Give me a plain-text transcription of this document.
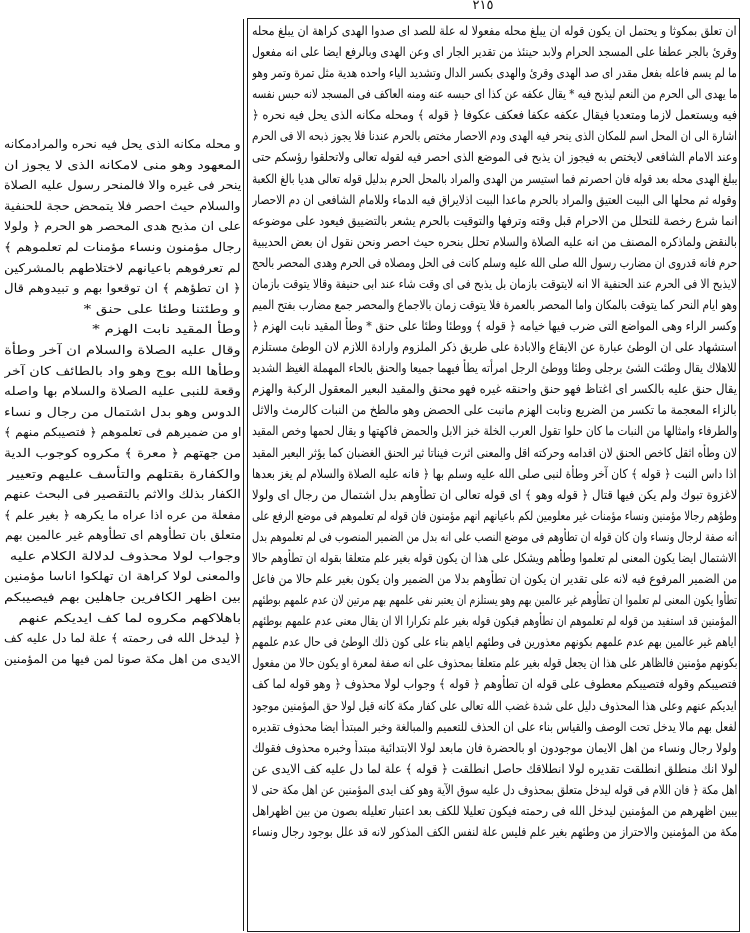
٢١٥
ان تعلق بمكوثا و يحتمل ان يكون قوله ان يبلغ محله مفعولا له علة للصد اى صدوا الهدى كراهة ان يبلغ محله
وقرئ بالجر عطفا على المسجد الحرام ولابد حينئذ من تقدير الجار اى وعن الهدى وبالرفع ايضا على انه مفعول
ما لم يسم فاعله بفعل مقدر اى صد الهدى وقرئ والهدى بكسر الدال وتشديد الياء واحده هدية مثل تمرة وتمر وهو
ما يهدى الى الحرم من النعم ليذبح فيه * يقال عكفه عن كذا اى حبسه عنه ومنه العاكف فى المسجد لانه حبس نفسه
فيه ويستعمل لازما ومتعديا فيقال عكفه عكفا فعكف عكوفا ﴿ قوله ﴾ ومحله مكانه الذى يحل فيه نحره ﴿
اشارة الى ان المحل اسم للمكان الذى ينحر فيه الهدى ودم الاحصار مختص بالحرم عندنا فلا يجوز ذبحه الا فى الحرم
وعند الامام الشافعى لايختص به فيجوز ان يذبح فى الموضع الذى احصر فيه لقوله تعالى ولاتحلقوا رؤسكم حتى
يبلغ الهدى محله بعد قوله فان احصرتم فما استيسر من الهدى والمراد بالمحل الحرم بدليل قوله تعالى هديا بالغ الكعبة
وقوله ثم محلها الى البيت العتيق والمراد بالحرم ماعدا البيت اذلايراق فيه الدماء وللامام الشافعى ان دم الاحصار
انما شرع رخصة للتحلل من الاحرام قبل وقته وترفها والتوقيت بالحرم يشعر بالتضييق فيعود على موضوعه
بالنقض ولماذكره المصنف من انه عليه الصلاة والسلام تحلل بنحره حيث احصر ونحن نقول ان بعض الحديبية
حرم فانه قدروى ان مضارب رسول الله صلى الله عليه وسلم كانت فى الحل ومصلاه فى الحرم وهدى المحصر بالحج
لايذبح الا فى الحرم عند الحنفية الا انه لايتوقت بازمان بل يذبح فى اى وقت شاء عند ابى حنيفة وقالا يتوقت بازمان
وهو ايام النحر كما يتوقت بالمكان واما المحصر بالعمرة فلا يتوقت زمان بالاجماع والمحصر جمع مضارب بفتح الميم
وكسر الراء وهى المواضع التى ضرب فيها خيامه ﴿ قوله ﴾ ووطئا وطئا على حنق * وطأ المقيد نابت الهزم ﴿
استشهاد على ان الوطئ عبارة عن الايقاع والابادة على طريق ذكر الملزوم وارادة اللازم لان الوطئ مستلزم
للاهلاك يقال وطئت الشئ برجلى وطئا ووطئ الرجل امرأته يطأ فيهما جميعا والحنق بالحاء المهملة الغيظ الشديد
يقال حنق عليه بالكسر اى اغتاظ فهو حنق واحنقه غيره فهو محنق والمقيد البعير المعقول الركبة والهزم
بالزاء المعجمة ما تكسر من الضريع ونابت الهزم مانبت على الحصض وهو مالطخ من النبات كالرمث والاثل
والطرفاء وامثالها من النبات ما كان حلوا تقول العرب الخلة خبز الابل والحمض فاكهتها و يقال لحمها وخص المقيد
لان وطأه اثقل كاخص الحنق لان اقدامه وحركته اقل والمعنى اثرت فيناتا ثير الحنق الغضبان كما يؤثر البعير المقيد
اذا داس النبت ﴿ قوله ﴾ كان آخر وطأة لنبى صلى الله عليه وسلم بها ﴿ فانه عليه الصلاة والسلام لم يغز بعدها
لاغزوة تبوك ولم يكن فيها قتال ﴿ قوله وهو ﴾ اى قوله تعالى ان تطأوهم بدل اشتمال من رجال اى ولولا
وطؤهم رجالا مؤمنين ونساء مؤمنات غير معلومين لكم باعيانهم انهم مؤمنون فان قوله لم تعلموهم فى موضع الرفع على
انه صفة لرجال ونساء وان كان قوله ان تطأوهم فى موضع النصب على انه بدل من الضمير المنصوب فى لم تعلموهم بدل
الاشتمال ايضا يكون المعنى لم تعلموا وطأهم ويشكل على هذا ان يكون قوله بغير علم متعلقا بقوله ان تطأوهم حالا
من الضمير المرفوع فيه لانه على تقدير ان يكون ان تطأوهم بدلا من الضمير وان يكون بغير علم حالا من فاعل
تطأوا يكون المعنى لم تعلموا ان تطأوهم غير عالمين بهم وهو يستلزم ان يعتبر نفى علمهم بهم مرتين لان عدم علمهم بوطئهم
المؤمنين قد استفيد من قوله لم تعلموهم ان تطأوهم فيكون قوله بغير علم تكرارا الا ان يقال معنى عدم علمهم بوطئهم
اياهم غير عالمين بهم عدم علمهم بكونهم معذورين فى وطئهم اياهم بناء على كون ذلك الوطئ فى حال عدم علمهم
بكونهم مؤمنين فالظاهر على هذا ان يجعل قوله بغير علم متعلقا بمحذوف على انه صفة لمعرة او يكون حالا من مفعول
فتصيبكم وقوله فتصيبكم معطوف على قوله ان تطأوهم ﴿ قوله ﴾ وجواب لولا محذوف ﴿ وهو قوله لما كف
ايديكم عنهم وعلى هذا المحذوف دليل على شدة غضب الله تعالى على كفار مكة كانه قيل لولا حق المؤمنين موجود
لفعل بهم مالا يدخل تحت الوصف والقياس بناء على ان الحذف للتعميم والمبالغة وخبر المبتدأ ايضا محذوف تقديره
ولولا رجال ونساء من اهل الايمان موجودون او بالحضرة فان مابعد لولا الابتدائية مبتدأ وخبره محذوف فقولك
لولا انك منطلق انطلقت تقديره لولا انطلاقك حاصل انطلقت ﴿ قوله ﴾ علة لما دل عليه كف الايدى عن
اهل مكة ﴿ فان اللام فى قوله ليدخل متعلق بمحذوف دل عليه سوق الآية وهو كف ايدى المؤمنين عن اهل مكة حتى لا
يبين اظهرهم من المؤمنين ليدخل الله فى رحمته فيكون تعليلا للكف بعد اعتبار تعليله بصون من بين اظهراهل
مكة من المؤمنين والاحتراز من وطئهم بغير علم فليس علة لنفس الكف المذكور لانه قد علل بوجود رجال ونساء
و محله مكانه الذى يحل فيه نحره والمرادمكانه
المعهود وهو منى لامكانه الذى لا يجوز ان
ينحر فى غيره والا فالمنحر رسول عليه الصلاة
والسلام حيث احصر فلا يتمحض حجة للحنفية
على ان مذبح هدى المحصر هو الحرم ﴿ ولولا
رجال مؤمنون ونساء مؤمنات لم تعلموهم ﴾
لم تعرفوهم باعيانهم لاختلاطهم بالمشركين
﴿ ان تطؤهم ﴾ ان توقعوا بهم و تبيدوهم قال
و وطئتنا وطئا على حنق *
وطأ المقيد نابت الهزم *
وقال عليه الصلاة والسلام ان آخر وطأة
وطأها الله بوج وهو واد بالطائف كان آخر
وقعة للنبى عليه الصلاة والسلام بها واصله
الدوس وهو بدل اشتمال من رجال و نساء
او من ضميرهم فى تعلموهم ﴿ فتصيبكم منهم ﴾
من جهتهم ﴿ معرة ﴾ مكروه كوجوب الدية
والكفارة بقتلهم والتأسف عليهم وتعيير
الكفار بذلك والاثم بالتقصير فى البحث عنهم
مفعلة من عره اذا عراه ما يكرهه ﴿ بغير علم ﴾
متعلق بان تطأوهم اى تطأوهم غير عالمين بهم
وجواب لولا محذوف لدلالة الكلام عليه
والمعنى لولا كراهة ان تهلكوا اناسا مؤمنين
بين اظهر الكافرين جاهلين بهم فيصيبكم
باهلاكهم مكروه لما كف ايديكم عنهم
﴿ ليدخل الله فى رحمته ﴾ علة لما دل عليه كف
الايدى من اهل مكة صونا لمن فيها من المؤمنين
